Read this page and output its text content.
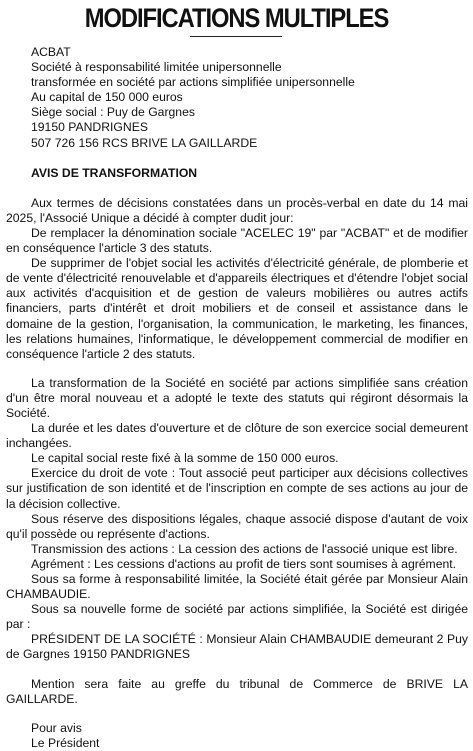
MODIFICATIONS MULTIPLES

ACBAT

Société à responsabilité limitée unipersonnelle

transformée en société par actions simplifiée unipersonnelle

Au capital de 150 000 euros

Siège social : Puy de Gargnes

19150 PANDRIGNES

507 726 156 RCS BRIVE LA GAILLARDE

AVIS DE TRANSFORMATION

Aux termes de décisions constatées dans un procès-verbal en date du 14 mai 2025, l'Associé Unique a décidé à compter dudit jour:

De remplacer la dénomination sociale "ACELEC 19" par "ACBAT" et de modifier en conséquence l'article 3 des statuts.

De supprimer de l'objet social les activités d'électricité générale, de plomberie et de vente d'électricité renouvelable et d'appareils électriques et d'étendre l'objet social aux activités d'acquisition et de gestion de valeurs mobilières ou autres actifs financiers, parts d'intérêt et droit mobiliers et de conseil et assistance dans le domaine de la gestion, l'organisation, la communication, le marketing, les finances, les relations humaines, l'informatique, le développement commercial de modifier en conséquence l'article 2 des statuts.

La transformation de la Société en société par actions simplifiée sans création d'un être moral nouveau et a adopté le texte des statuts qui régiront désormais la Société.

La durée et les dates d'ouverture et de clôture de son exercice social demeurent inchangées.

Le capital social reste fixé à la somme de 150 000 euros.

Exercice du droit de vote : Tout associé peut participer aux décisions collectives sur justification de son identité et de l'inscription en compte de ses actions au jour de la décision collective.

Sous réserve des dispositions légales, chaque associé dispose d'autant de voix qu'il possède ou représente d'actions.

Transmission des actions : La cession des actions de l'associé unique est libre.

Agrément : Les cessions d'actions au profit de tiers sont soumises à agrément.

Sous sa forme à responsabilité limitée, la Société était gérée par Monsieur Alain CHAMBAUDIE.

Sous sa nouvelle forme de société par actions simplifiée, la Société est dirigée par :

PRÉSIDENT DE LA SOCIÉTÉ : Monsieur Alain CHAMBAUDIE demeurant 2 Puy de Gargnes 19150 PANDRIGNES

Mention sera faite au greffe du tribunal de Commerce de BRIVE LA GAILLARDE.

Pour avis

Le Président
